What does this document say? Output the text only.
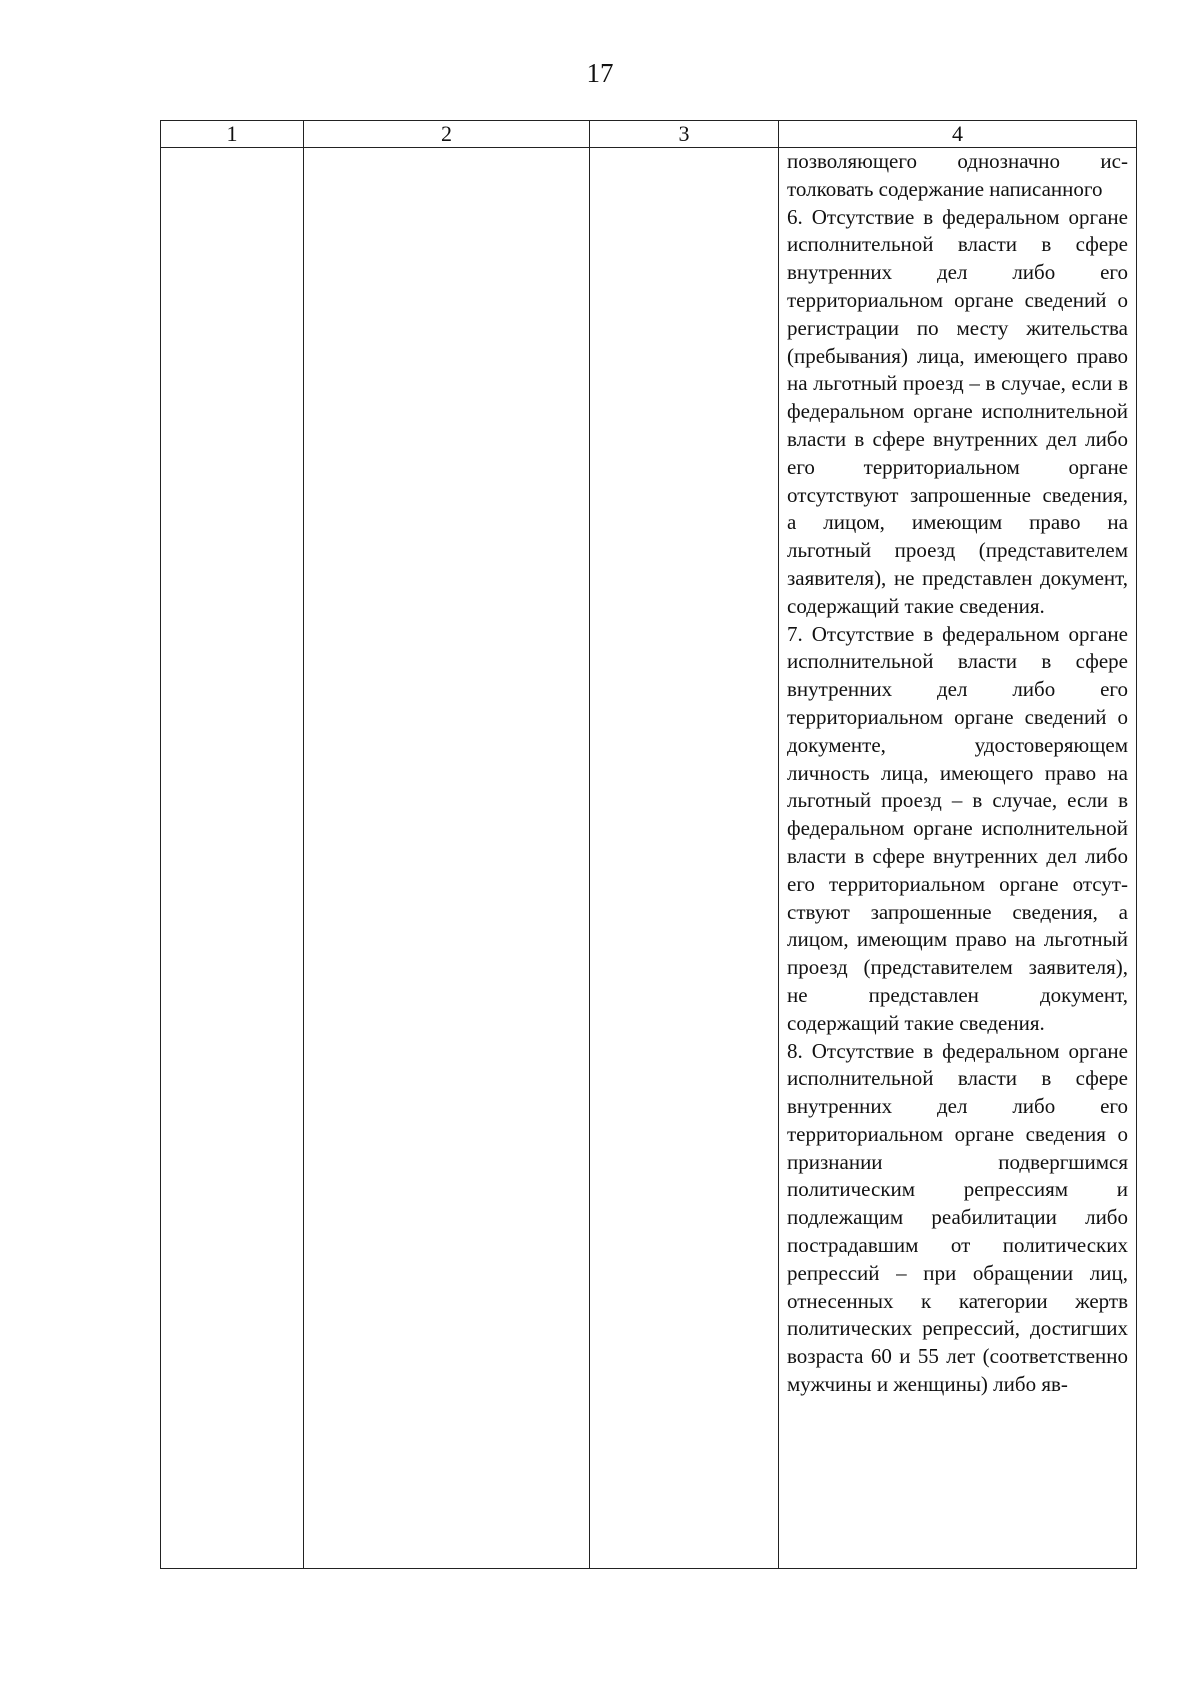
17
1	2	3	4

			позволяющего однозначно истолковать содержание написанного

6. Отсутствие в федеральном органе исполнительной власти в сфере внутренних дел либо его территориальном органе сведений о регистрации по месту жительства (пребывания) лица, имеющего право на льготный проезд – в случае, если в федеральном органе исполнительной власти в сфере внутренних дел либо его территориальном органе отсутствуют запрошенные сведения, а лицом, имеющим право на льготный проезд (представителем заявителя), не представлен документ, содержащий такие сведения.

7. Отсутствие в федеральном органе исполнительной власти в сфере внутренних дел либо его территориальном органе сведений о документе, удостоверяющем личность лица, имеющего право на льготный проезд – в случае, если в федеральном органе исполнительной власти в сфере внутренних дел либо его территориальном органе отсутствуют запрошенные сведения, а лицом, имеющим право на льготный проезд (представителем заявителя), не представлен документ, содержащий такие сведения.

8. Отсутствие в федеральном органе исполнительной власти в сфере внутренних дел либо его территориальном органе сведения о признании подвергшимся политическим репрессиям и подлежащим реабилитации либо пострадавшим от политических репрессий – при обращении лиц, отнесенных к категории жертв политических репрессий, достигших возраста 60 и 55 лет (соответственно мужчины и женщины) либо яв-
